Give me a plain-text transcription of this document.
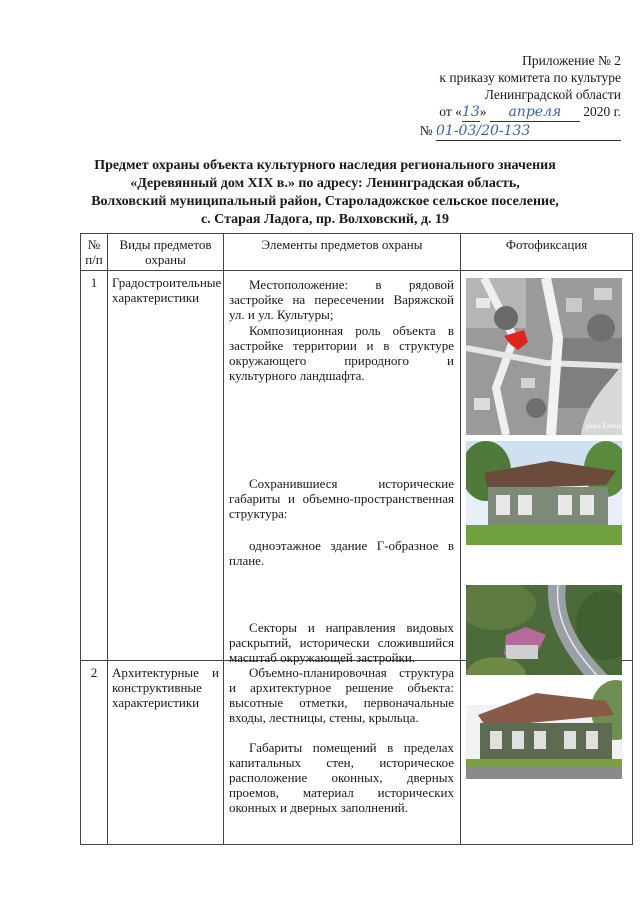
Приложение № 2
к приказу комитета по культуре
Ленинградской области
от «13» апреля 2020 г.
№ 01-03/20-133
Предмет охраны объекта культурного наследия регионального значения
«Деревянный дом XIX в.» по адресу: Ленинградская область,
Волховский муниципальный район, Староладожское сельское поселение,
с. Старая Ладога, пр. Волховский, д. 19
№ п/п	Виды предметов охраны	Элементы предметов охраны	Фотофиксация
1	Градостроительные характеристики	Местоположение: в рядовой застройке на пересечении Варяжской ул. и ул. Культуры;
Композиционная роль объекта в застройке территории и в структуре окружающего природного и культурного ландшафта.
Сохранившиеся исторические габариты и объемно-пространственная структура:
одноэтажное здание Г-образное в плане.
Секторы и направления видовых раскрытий, исторически сложившийся масштаб окружающей застройки.	река Елена

2	Архитектурные и конструктивные характеристики	Объемно-планировочная структура и архитектурное решение объекта: высотные отметки, первоначальные входы, лестницы, стены, крыльца.
Габариты помещений в пределах капитальных стен, историческое расположение оконных, дверных проемов, материал исторических оконных и дверных заполнений.
